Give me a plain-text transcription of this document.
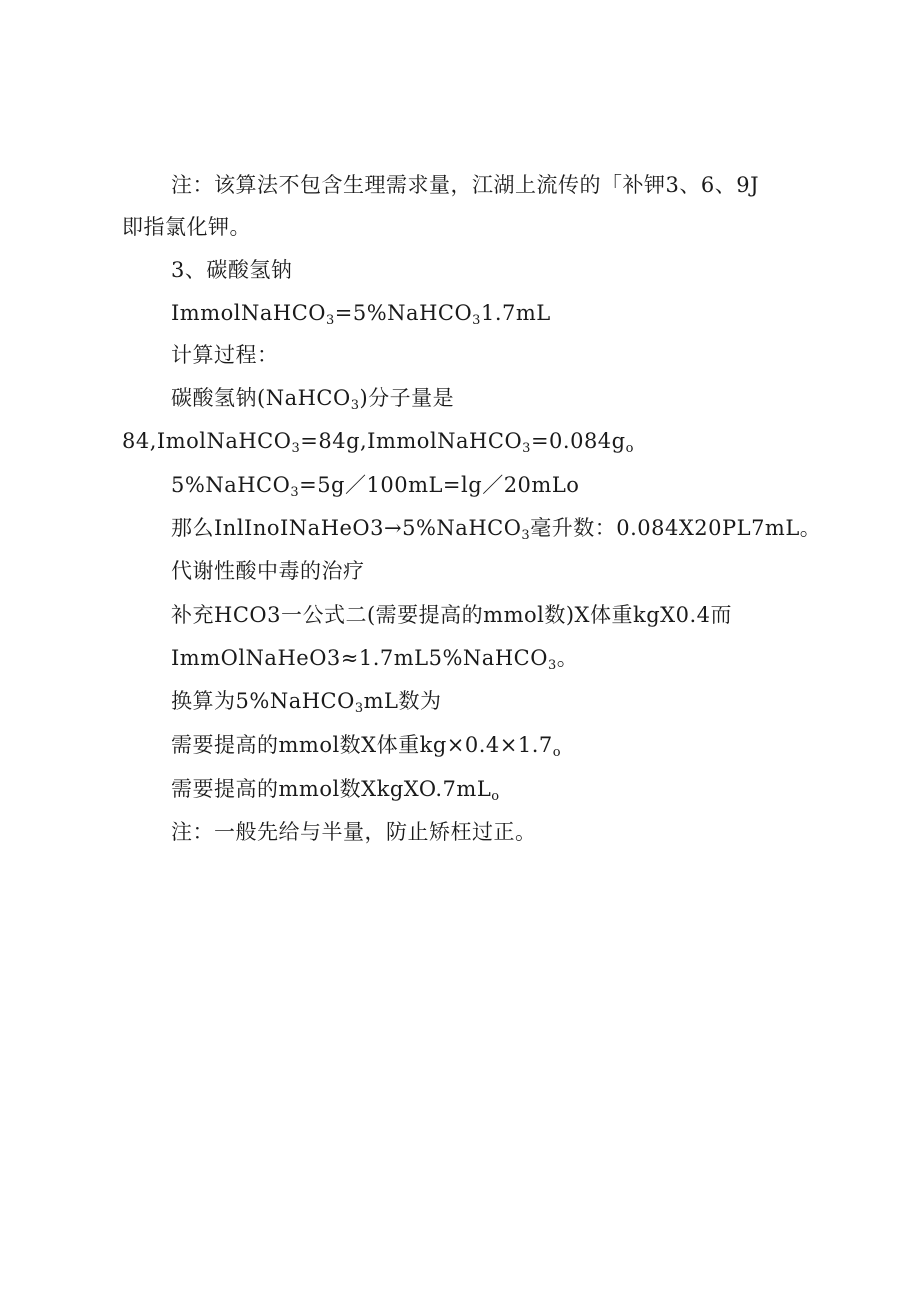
注：该算法不包含生理需求量，江湖上流传的「补钾3、6、9J
即指氯化钾。
3、碳酸氢钠
ImmolNaHCO$_3$=5%NaHCO$_3$1.7mL
计算过程：
碳酸氢钠(NaHCO$_3$)分子量是
$84,ImolNaHCO_3=84g,ImmolNaHCO_3=0.084g_o$
5%NaHCO$_3$=5g／100mL=lg／20mLo
那么InlInoINaHeO3→5%NaHCO$_3$毫升数：0.084X20PL7mL。
代谢性酸中毒的治疗
补充HCO3一公式二(需要提高的mmol数)X体重kgX0.4而
ImmOlNaHeO3≈1.7mL5%NaHCO$_3$。
换算为5%NaHCO$_3$mL数为
需要提高的mmol数X体重$kg\times 0.4\times 1.7_o$
需要提高的mmol数$XkgXO.7mL_o$
注：一般先给与半量，防止矫枉过正。
